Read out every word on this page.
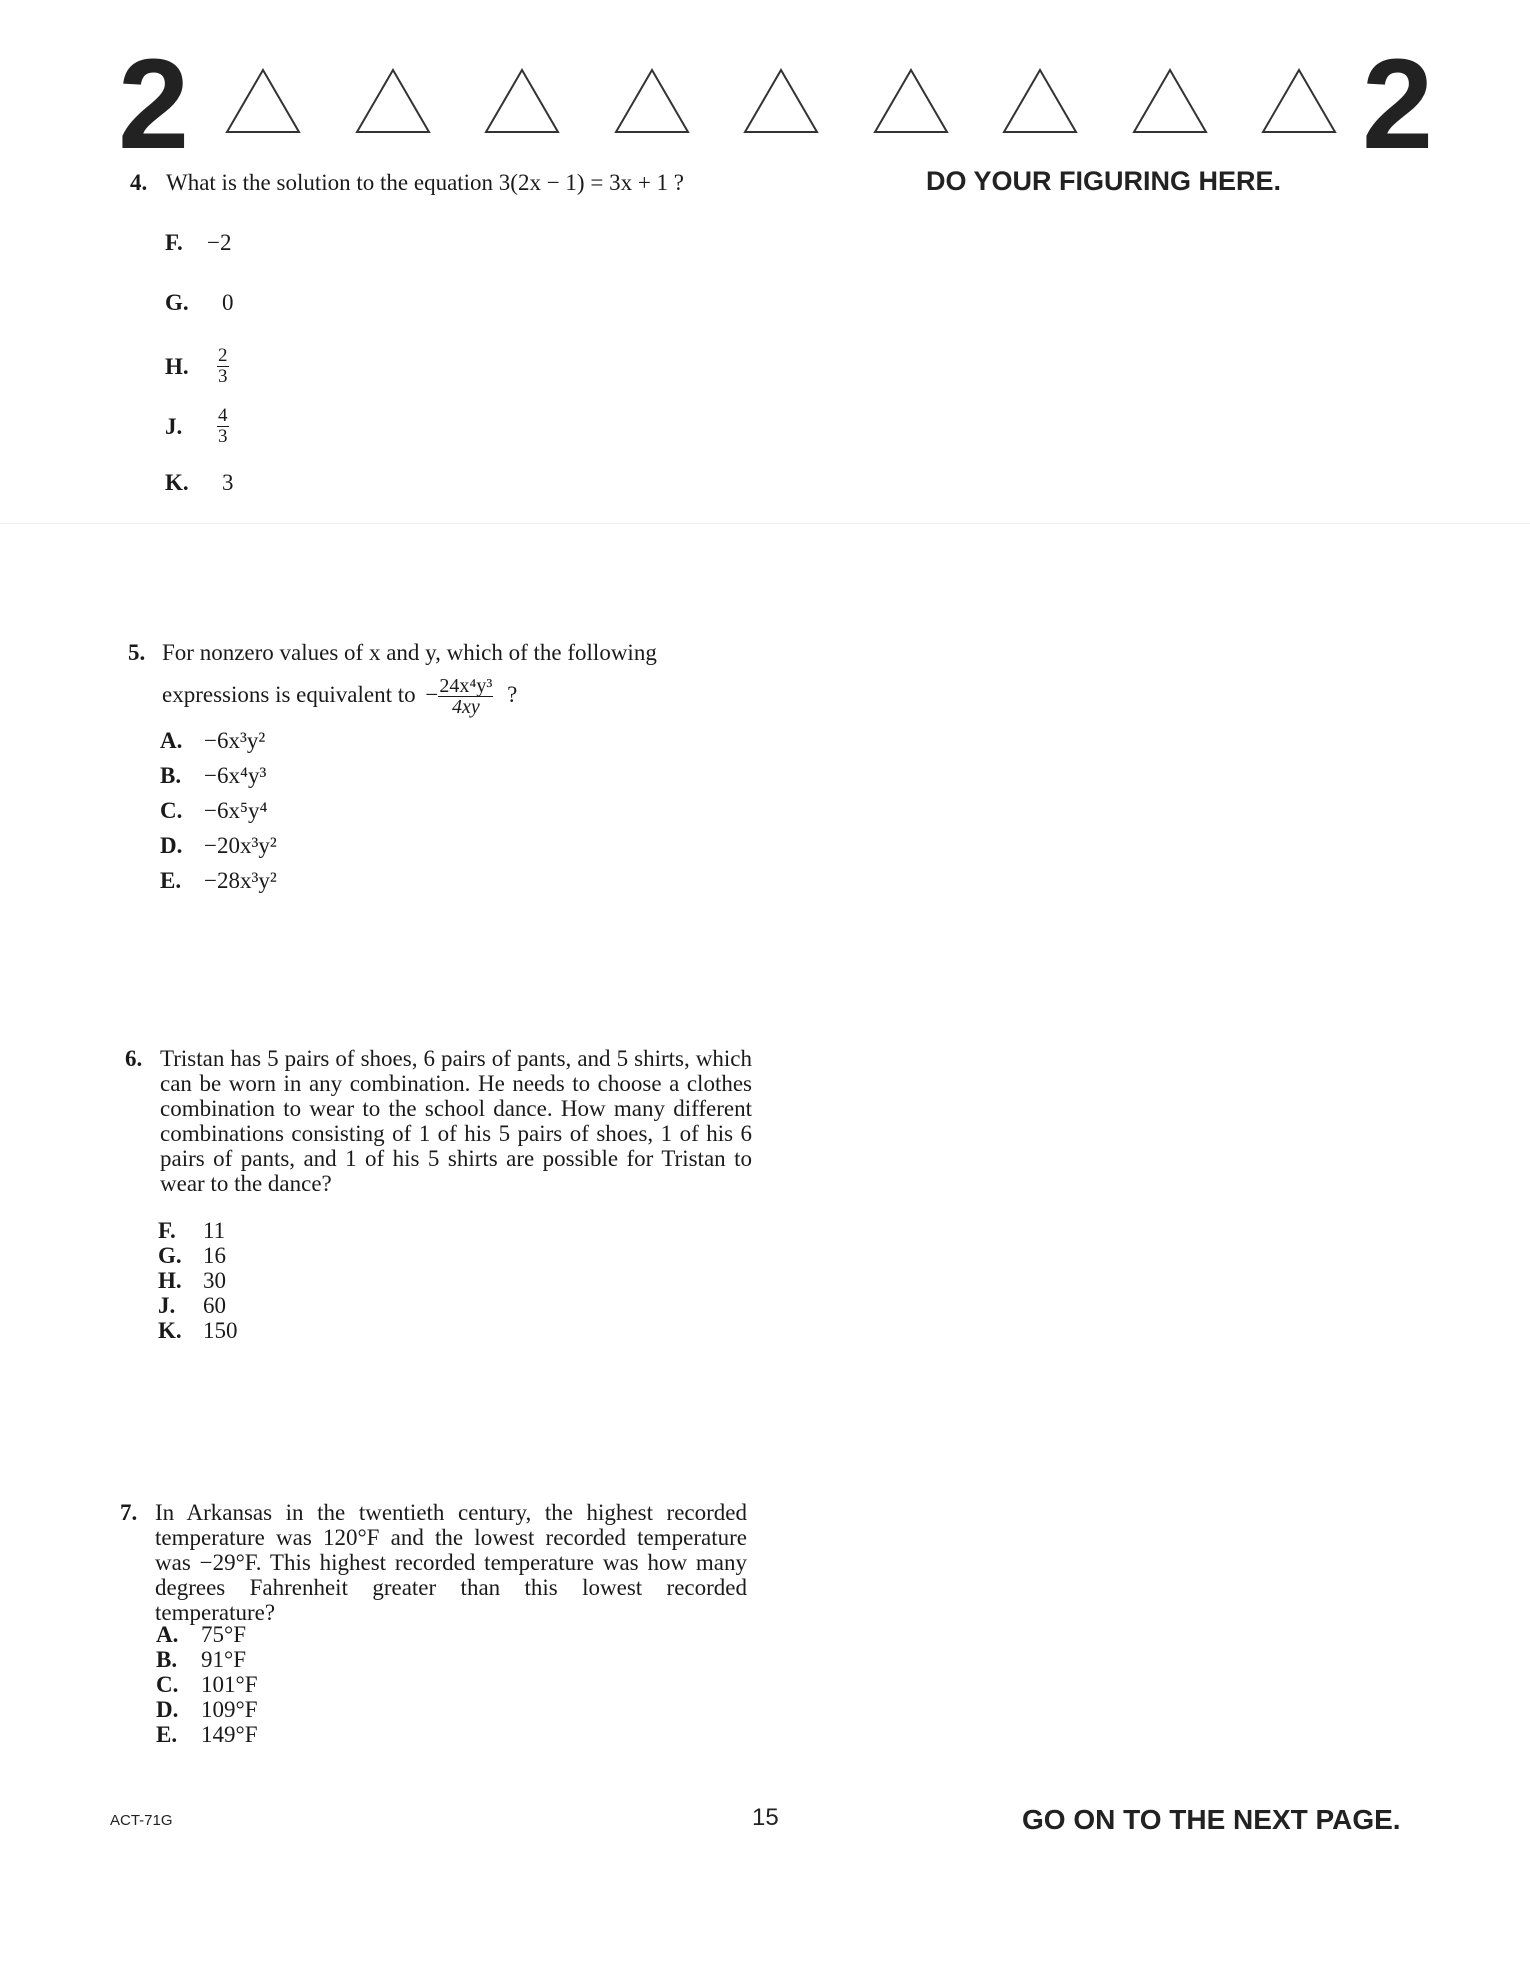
2	2
DO YOUR FIGURING HERE.
4. What is the solution to the equation 3(2x − 1) = 3x + 1 ?
F. −2
G. 0
H. $\frac{2}{3}$
J. $\frac{4}{3}$
K. 3
5. For nonzero values of x and y, which of the following
expressions is equivalent to − $\frac{\text{24x⁴y³}}{4xy}$ ?
A. −6x³y²
B. −6x⁴y³
C. −6x⁵y⁴
D. −20x³y²
E. −28x³y²
6. Tristan has 5 pairs of shoes, 6 pairs of pants, and 5 shirts, which can be worn in any combination. He needs to choose a clothes combination to wear to the school dance. How many different combinations consisting of 1 of his 5 pairs of shoes, 1 of his 6 pairs of pants, and 1 of his 5 shirts are possible for Tristan to wear to the dance?
F. 11
G. 16
H. 30
J. 60
K. 150
7. In Arkansas in the twentieth century, the highest recorded temperature was 120°F and the lowest recorded temperature was −29°F. This highest recorded temperature was how many degrees Fahrenheit greater than this lowest recorded temperature?
A. 75°F
B. 91°F
C. 101°F
D. 109°F
E. 149°F
ACT-71G	15	GO ON TO THE NEXT PAGE.
